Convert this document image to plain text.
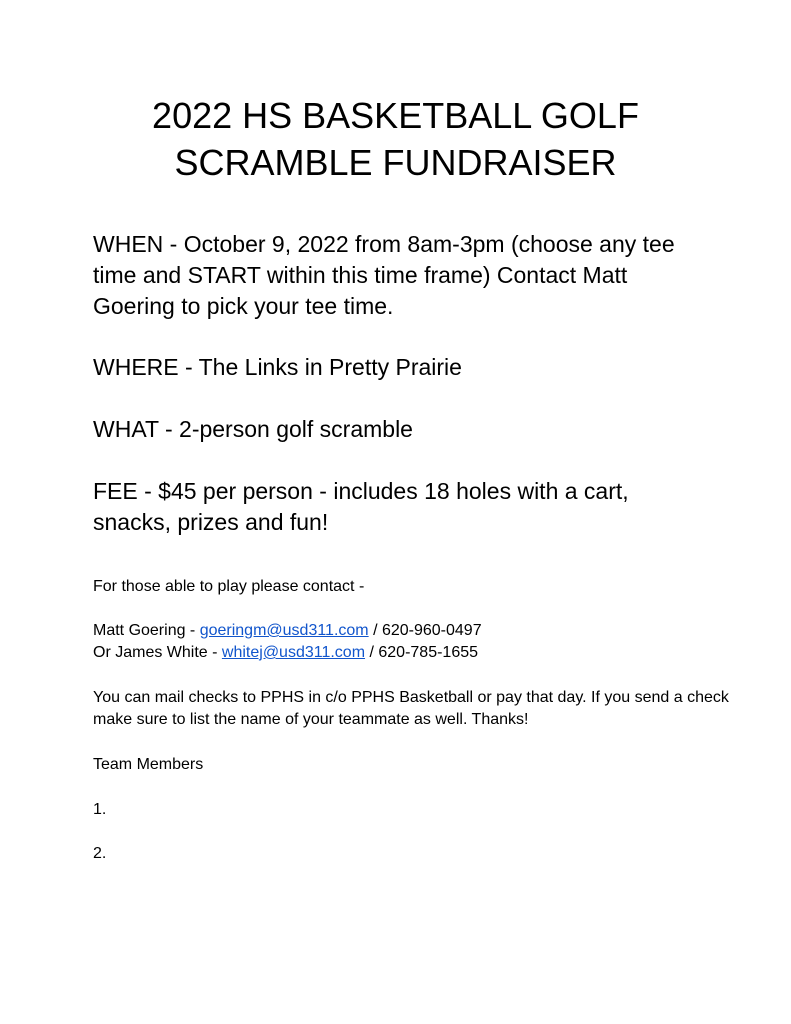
2022 HS BASKETBALL GOLF
SCRAMBLE FUNDRAISER

WHEN - October 9, 2022 from 8am-3pm (choose any tee time and START within this time frame) Contact Matt Goering to pick your tee time.

WHERE - The Links in Pretty Prairie

WHAT - 2-person golf scramble

FEE - $45 per person - includes 18 holes with a cart, snacks, prizes and fun!

For those able to play please contact -

Matt Goering - goeringm@usd311.com / 620-960-0497

Or James White - whitej@usd311.com / 620-785-1655

You can mail checks to PPHS in c/o PPHS Basketball or pay that day. If you send a check make sure to list the name of your teammate as well. Thanks!

Team Members

1.

2.
